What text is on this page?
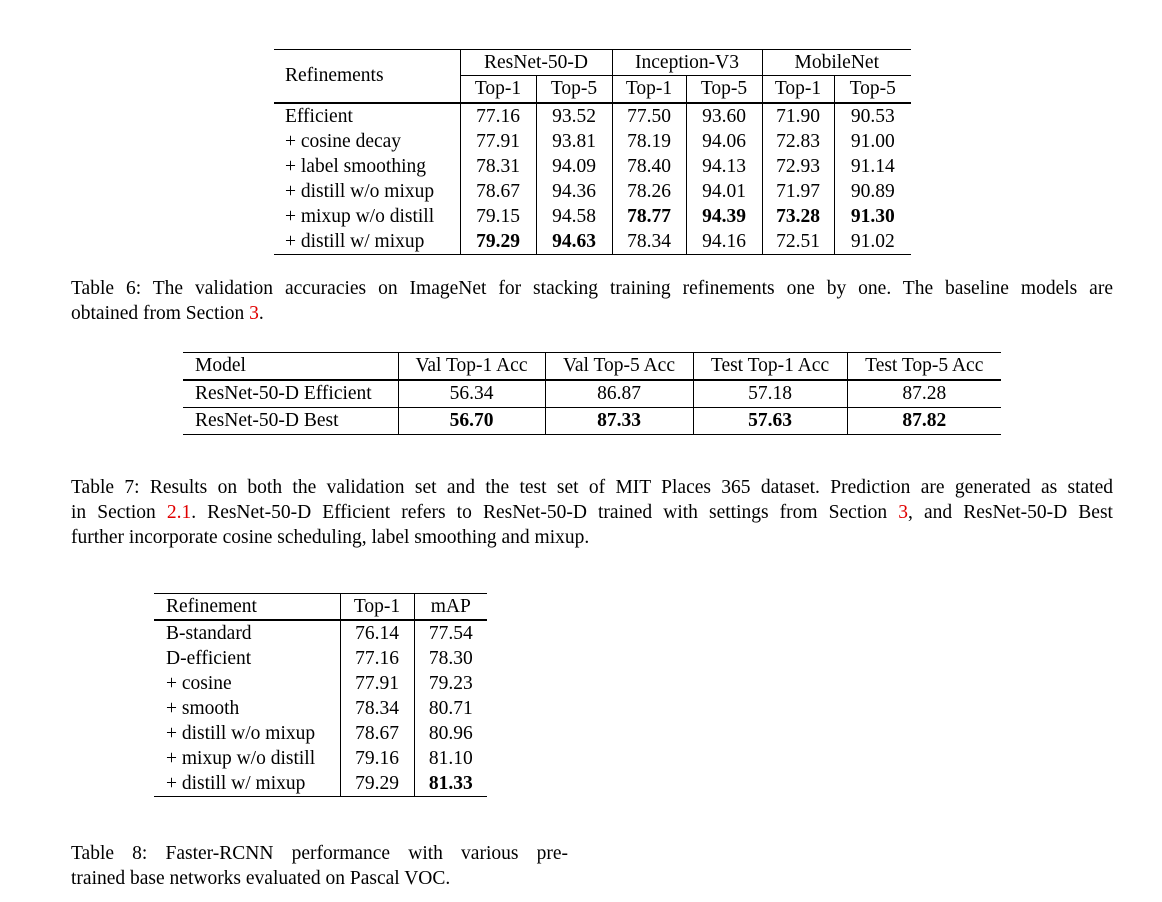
Refinements	ResNet-50-D		Inception-V3		MobileNet	
	Top-1	Top-5	Top-1	Top-5	Top-1	Top-5
Efficient	77.16	93.52	77.50	93.60	71.90	90.53
+ cosine decay	77.91	93.81	78.19	94.06	72.83	91.00
+ label smoothing	78.31	94.09	78.40	94.13	72.93	91.14
+ distill w/o mixup	78.67	94.36	78.26	94.01	71.97	90.89
+ mixup w/o distill	79.15	94.58	78.77	94.39	73.28	91.30
+ distill w/ mixup	79.29	94.63	78.34	94.16	72.51	91.02
Table 6: The validation accuracies on ImageNet for stacking training refinements one by one. The baseline models are
obtained from Section 3.
Model	Val Top-1 Acc	Val Top-5 Acc	Test Top-1 Acc	Test Top-5 Acc
ResNet-50-D Efficient	56.34	86.87	57.18	87.28
ResNet-50-D Best	56.70	87.33	57.63	87.82
Table 7: Results on both the validation set and the test set of MIT Places 365 dataset. Prediction are generated as stated
in Section 2.1. ResNet-50-D Efficient refers to ResNet-50-D trained with settings from Section 3, and ResNet-50-D Best
further incorporate cosine scheduling, label smoothing and mixup.
Refinement	Top-1	mAP
B-standard	76.14	77.54
D-efficient	77.16	78.30
+ cosine	77.91	79.23
+ smooth	78.34	80.71
+ distill w/o mixup	78.67	80.96
+ mixup w/o distill	79.16	81.10
+ distill w/ mixup	79.29	81.33
Table 8: Faster-RCNN performance with various pre-
trained base networks evaluated on Pascal VOC.
